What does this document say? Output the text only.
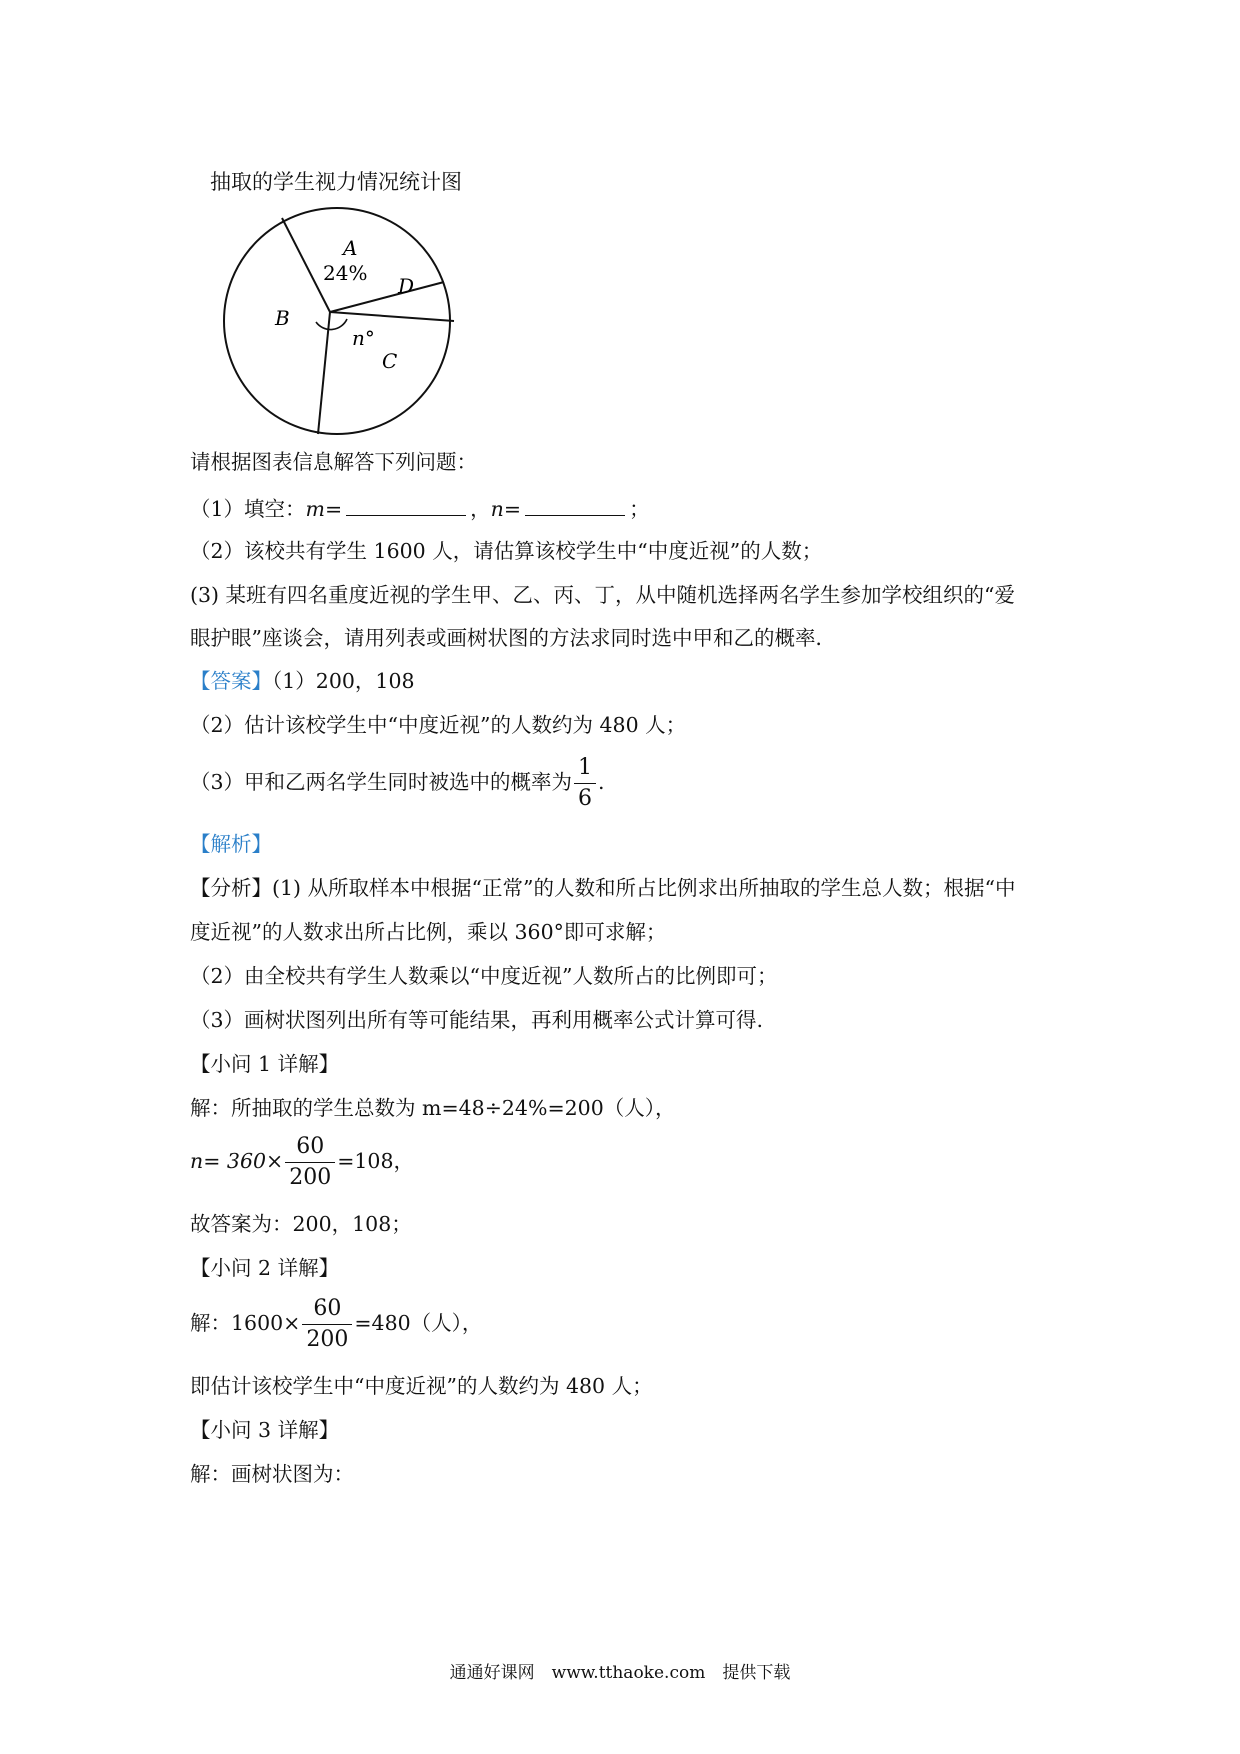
抽取的学生视力情况统计图
A
24%
D
B
n°
C
请根据图表信息解答下列问题：
（1）填空：m=	，n=	；
（2）该校共有学生 1600 人，请估算该校学生中“中度近视”的人数；
(3) 某班有四名重度近视的学生甲、乙、丙、丁，从中随机选择两名学生参加学校组织的“爱
眼护眼”座谈会，请用列表或画树状图的方法求同时选中甲和乙的概率．
【答案】（1）200，108
（2）估计该校学生中“中度近视”的人数约为 480 人；
（3）甲和乙两名学生同时被选中的概率为 $\frac{1}{6}$ .
【解析】
【分析】(1) 从所取样本中根据“正常”的人数和所占比例求出所抽取的学生总人数；根据“中
度近视”的人数求出所占比例，乘以 360°即可求解；
（2）由全校共有学生人数乘以“中度近视”人数所占的比例即可；
（3）画树状图列出所有等可能结果，再利用概率公式计算可得.
【小问 1 详解】
解：所抽取的学生总数为 m=48÷24%=200（人），
$n= 360\times \frac{60}{200} =108$，
故答案为：200，108；
【小问 2 详解】
解：$1600\times \frac{60}{200} =480$（人），
即估计该校学生中“中度近视”的人数约为 480 人；
【小问 3 详解】
解：画树状图为：
通通好课网　www.tthaoke.com　提供下载
